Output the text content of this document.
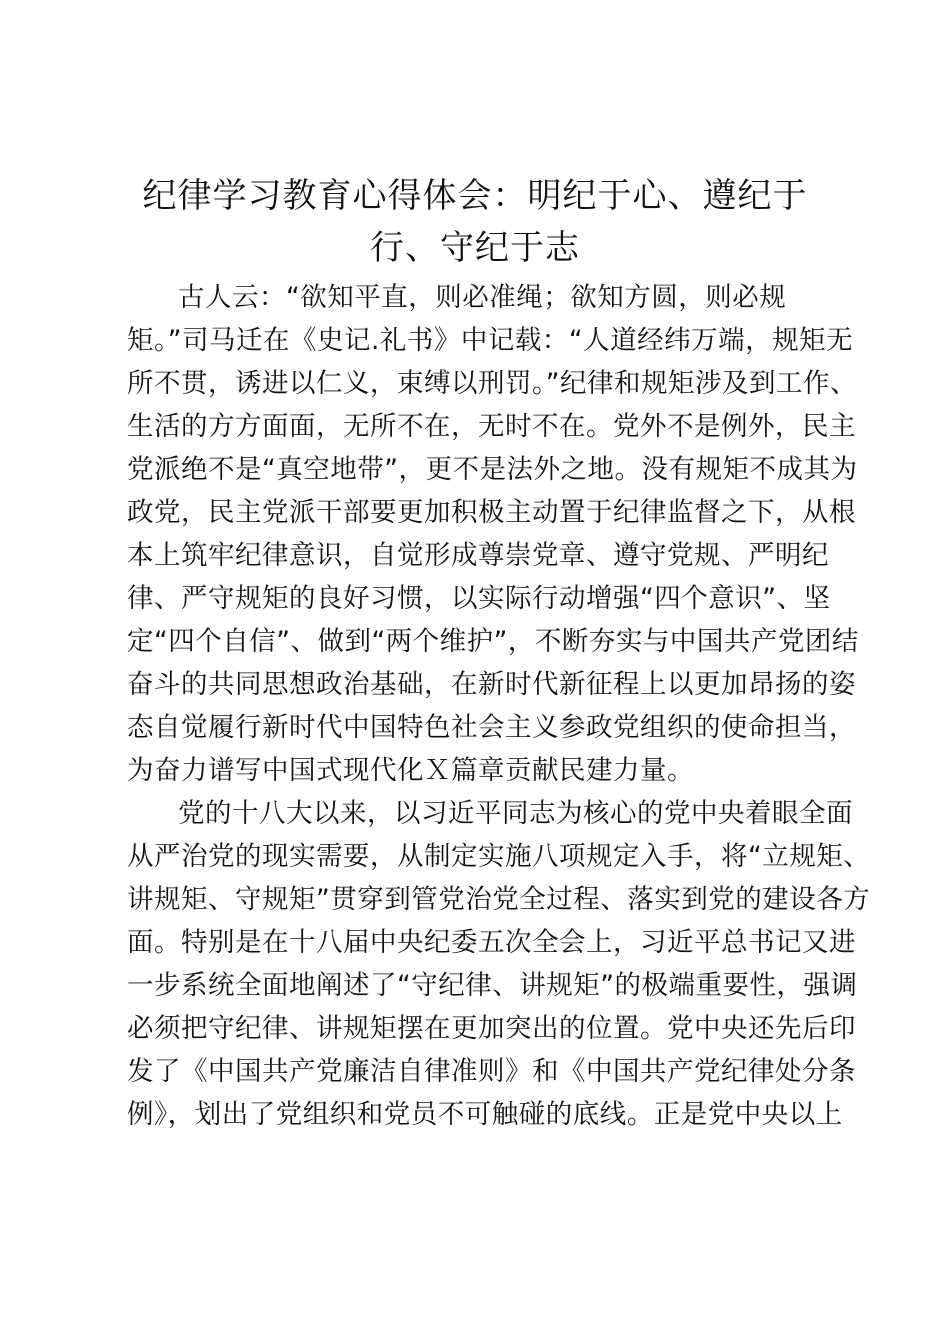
纪律学习教育心得体会：明纪于心、遵纪于
行、守纪于志
古人云：“欲知平直，则必准绳；欲知方圆，则必规
矩。”司马迁在《史记.礼书》中记载：“人道经纬万端，规矩无
所不贯，诱进以仁义，束缚以刑罚。”纪律和规矩涉及到工作、
生活的方方面面，无所不在，无时不在。党外不是例外，民主
党派绝不是“真空地带”，更不是法外之地。没有规矩不成其为
政党，民主党派干部要更加积极主动置于纪律监督之下，从根
本上筑牢纪律意识，自觉形成尊崇党章、遵守党规、严明纪
律、严守规矩的良好习惯，以实际行动增强“四个意识”、坚
定“四个自信”、做到“两个维护”，不断夯实与中国共产党团结
奋斗的共同思想政治基础，在新时代新征程上以更加昂扬的姿
态自觉履行新时代中国特色社会主义参政党组织的使命担当，
为奋力谱写中国式现代化Ｘ篇章贡献民建力量。
党的十八大以来，以习近平同志为核心的党中央着眼全面
从严治党的现实需要，从制定实施八项规定入手，将“立规矩、
讲规矩、守规矩”贯穿到管党治党全过程、落实到党的建设各方
面。特别是在十八届中央纪委五次全会上，习近平总书记又进
一步系统全面地阐述了“守纪律、讲规矩”的极端重要性，强调
必须把守纪律、讲规矩摆在更加突出的位置。党中央还先后印
发了《中国共产党廉洁自律准则》和《中国共产党纪律处分条
例》，划出了党组织和党员不可触碰的底线。正是党中央以上
